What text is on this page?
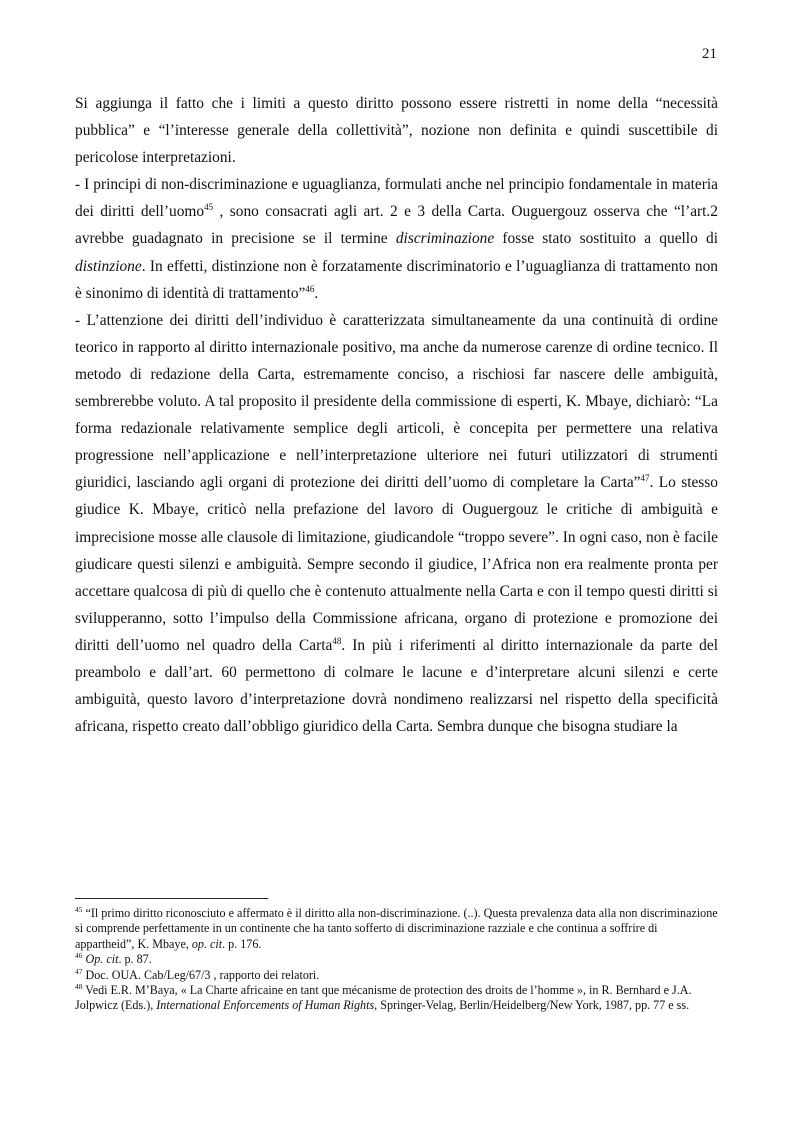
21

Si aggiunga il fatto che i limiti a questo diritto possono essere ristretti in nome della “necessità pubblica” e “l’interesse generale della collettività”, nozione non definita e quindi suscettibile di pericolose interpretazioni.

- I principi di non-discriminazione e uguaglianza, formulati anche nel principio fondamentale in materia dei diritti dell’uomo$^{45}$ , sono consacrati agli art. 2 e 3 della Carta. Ouguergouz osserva che “l’art.2 avrebbe guadagnato in precisione se il termine discriminazione fosse stato sostituito a quello di distinzione. In effetti, distinzione non è forzatamente discriminatorio e l’uguaglianza di trattamento non è sinonimo di identità di trattamento”$^{46}$.

- L’attenzione dei diritti dell’individuo è caratterizzata simultaneamente da una continuità di ordine teorico in rapporto al diritto internazionale positivo, ma anche da numerose carenze di ordine tecnico. Il metodo di redazione della Carta, estremamente conciso, a rischiosi far nascere delle ambiguità, sembrerebbe voluto. A tal proposito il presidente della commissione di esperti, K. Mbaye, dichiarò: “La forma redazionale relativamente semplice degli articoli, è concepita per permettere una relativa progressione nell’applicazione e nell’interpretazione ulteriore nei futuri utilizzatori di strumenti giuridici, lasciando agli organi di protezione dei diritti dell’uomo di completare la Carta”$^{47}$. Lo stesso giudice K. Mbaye, criticò nella prefazione del lavoro di Ouguergouz le critiche di ambiguità e imprecisione mosse alle clausole di limitazione, giudicandole “troppo severe”. In ogni caso, non è facile giudicare questi silenzi e ambiguità. Sempre secondo il giudice, l’Africa non era realmente pronta per accettare qualcosa di più di quello che è contenuto attualmente nella Carta e con il tempo questi diritti si svilupperanno, sotto l’impulso della Commissione africana, organo di protezione e promozione dei diritti dell’uomo nel quadro della Carta$^{48}$. In più i riferimenti al diritto internazionale da parte del preambolo e dall’art. 60 permettono di colmare le lacune e d’interpretare alcuni silenzi e certe ambiguità, questo lavoro d’interpretazione dovrà nondimeno realizzarsi nel rispetto della specificità africana, rispetto creato dall’obbligo giuridico della Carta. Sembra dunque che bisogna studiare la

$^{45}$ “Il primo diritto riconosciuto e affermato è il diritto alla non-discriminazione. (..). Questa prevalenza data alla non discriminazione si comprende perfettamente in un continente che ha tanto sofferto di discriminazione razziale e che continua a soffrire di appartheid”, K. Mbaye, op. cit. p. 176.

$^{46}$ Op. cit. p. 87.

$^{47}$ Doc. OUA. Cab/Leg/67/3 , rapporto dei relatori.

$^{48}$ Vedi E.R. M’Baya, « La Charte africaine en tant que mécanisme de protection des droits de l’homme », in R. Bernhard e J.A. Jolpwicz (Eds.), International Enforcements of Human Rights, Springer-Velag, Berlin/Heidelberg/New York, 1987, pp. 77 e ss.
